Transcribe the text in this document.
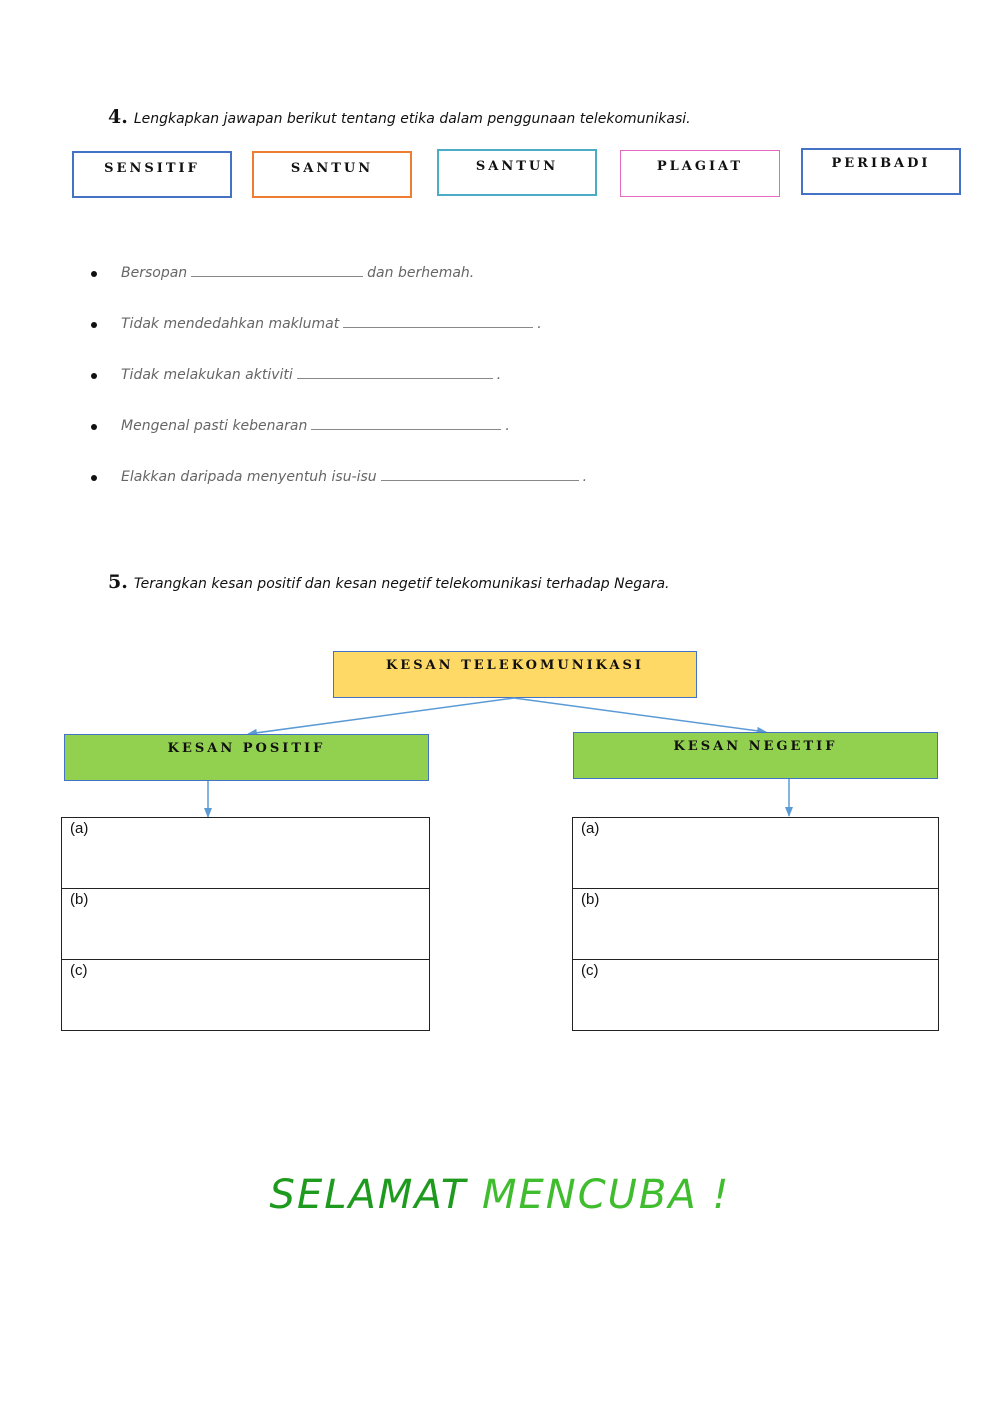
4. Lengkapkan jawapan berikut tentang etika dalam penggunaan telekomunikasi.
SENSITIF	SANTUN	SANTUN	PLAGIAT	PERIBADI
Bersopan	dan berhemah.
Tidak mendedahkan maklumat	.
Tidak melakukan aktiviti	.
Mengenal pasti kebenaran	.
Elakkan daripada menyentuh isu-isu	.
5. Terangkan kesan positif dan kesan negetif telekomunikasi terhadap Negara.
KESAN TELEKOMUNIKASI
KESAN POSITIF	KESAN NEGETIF
(a)
(b)
(c)
(a)
(b)
(c)
SELAMAT MENCUBA !
